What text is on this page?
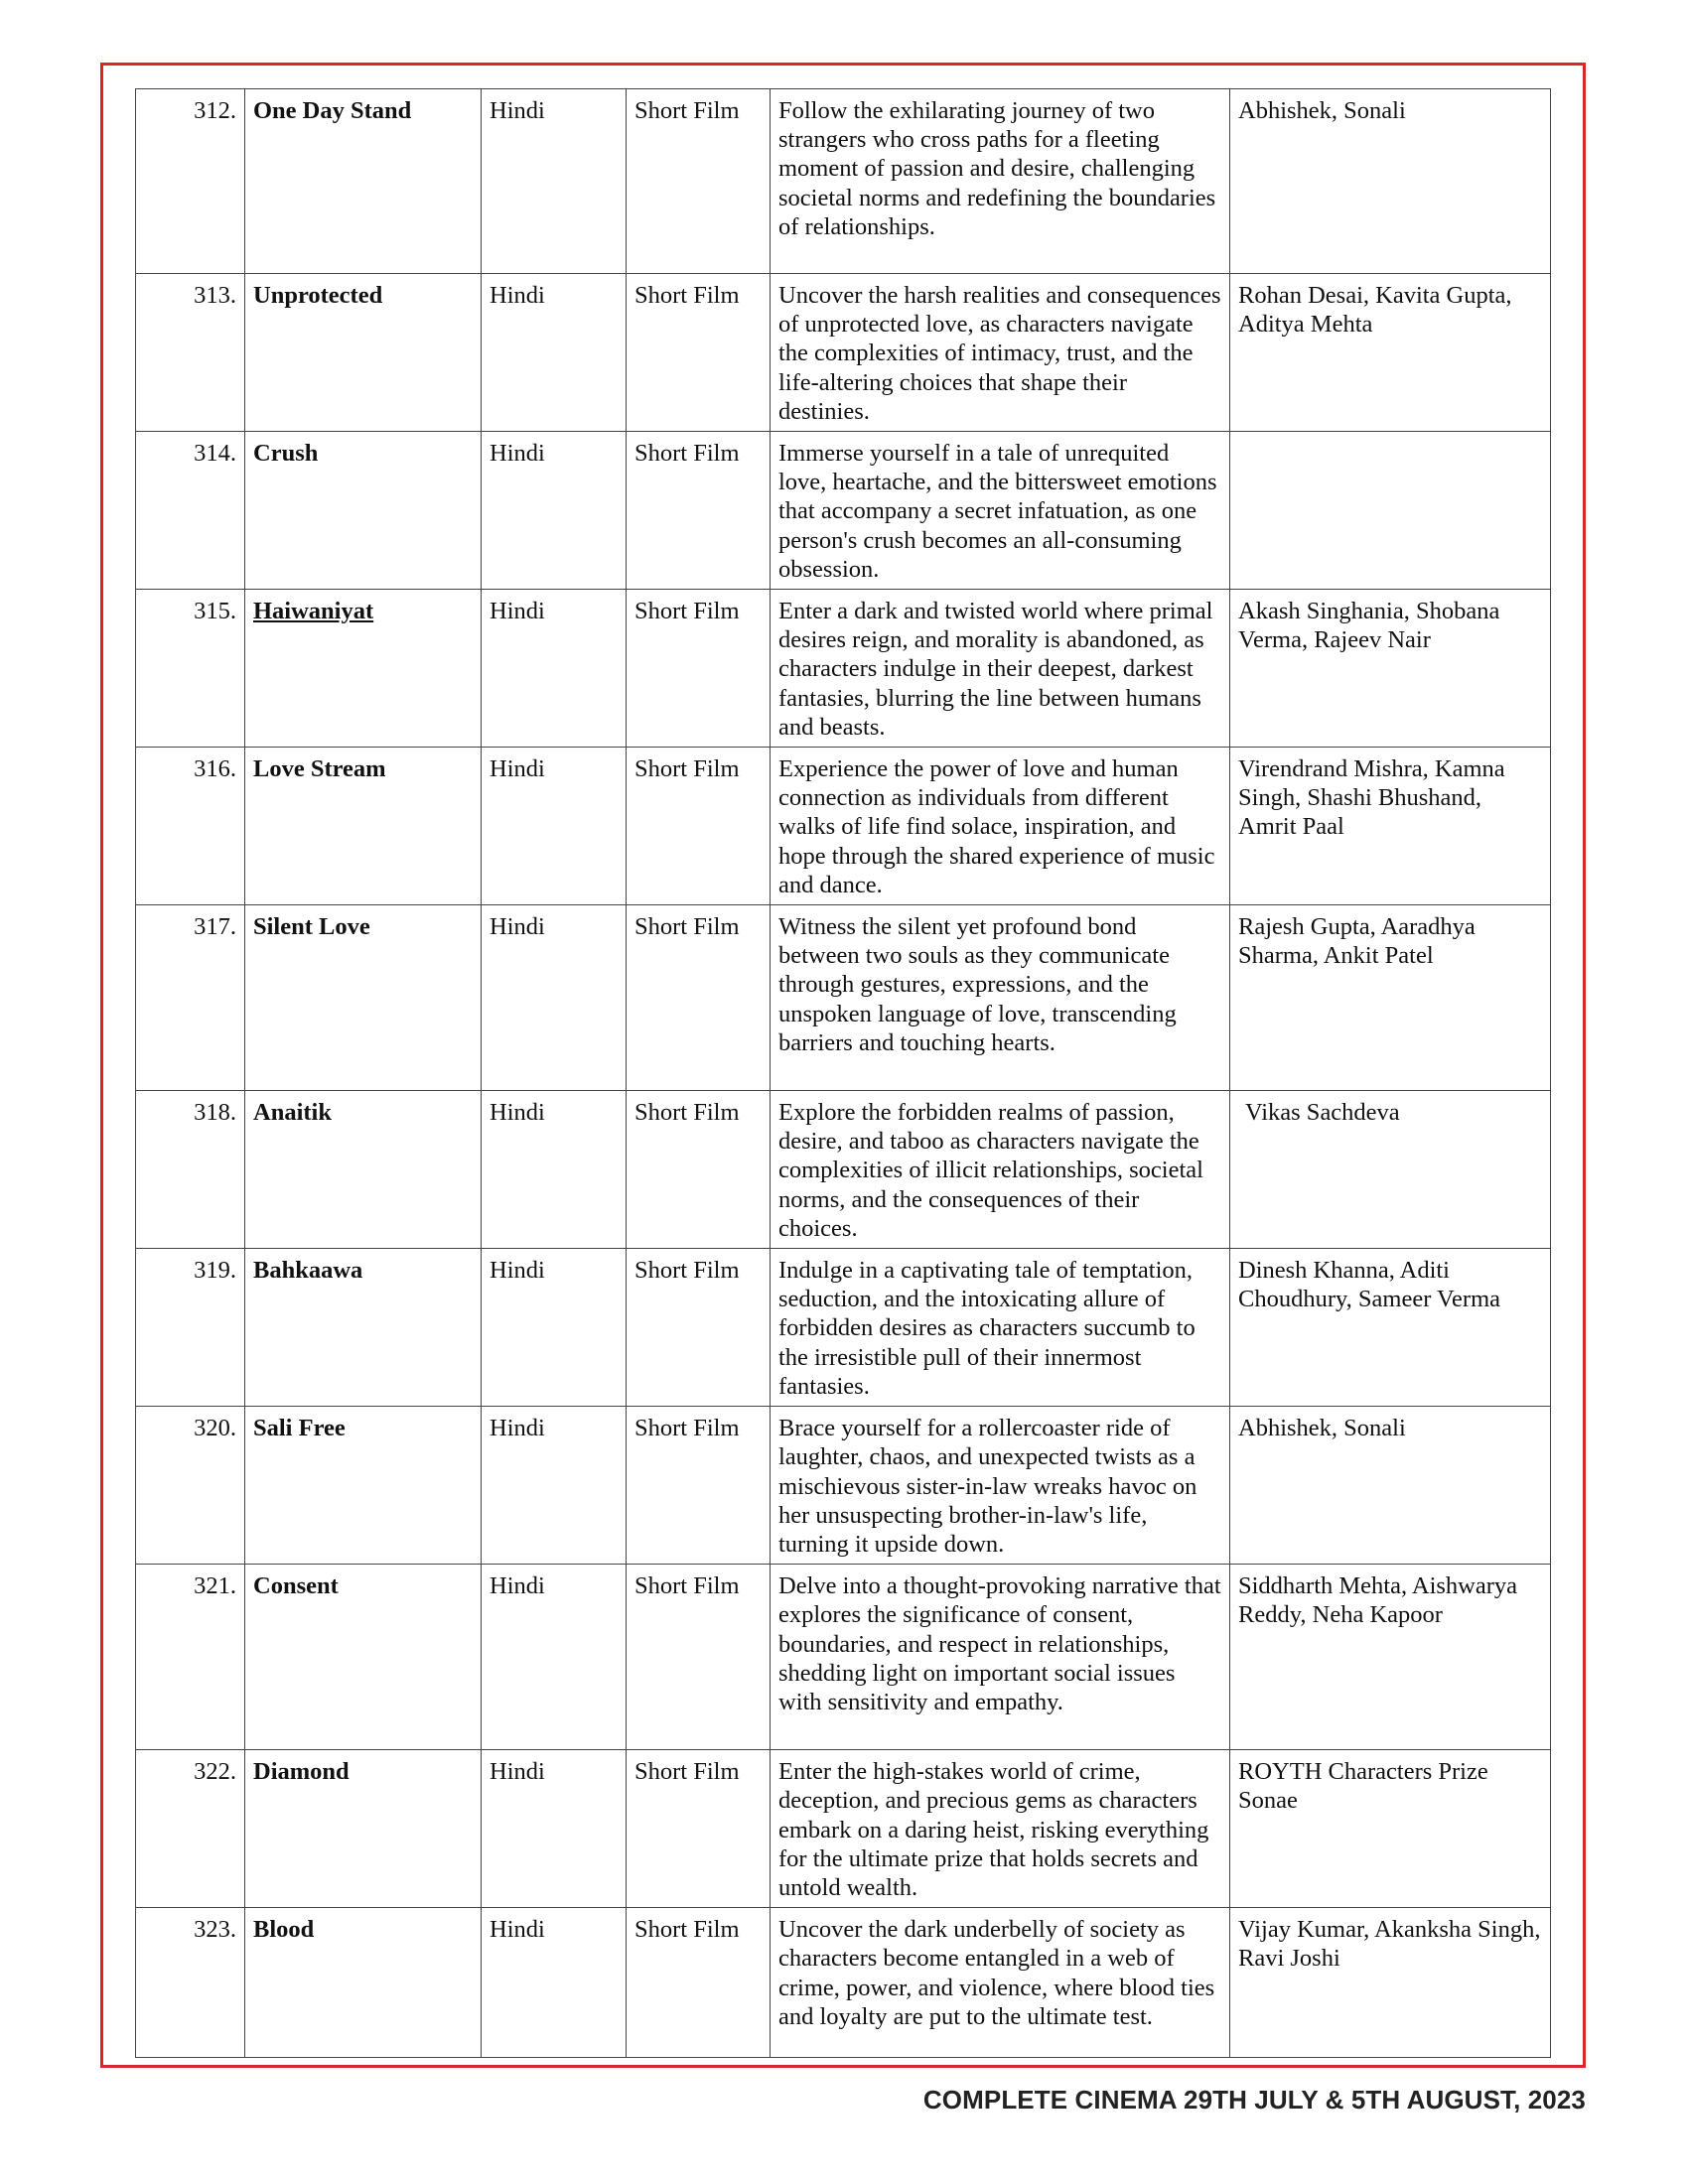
312.	One Day Stand	Hindi	Short Film	Follow the exhilarating journey of two strangers who cross paths for a fleeting moment of passion and desire, challenging societal norms and redefining the boundaries of relationships.	Abhishek, Sonali
313.	Unprotected	Hindi	Short Film	Uncover the harsh realities and consequences of unprotected love, as characters navigate the complexities of intimacy, trust, and the life-altering choices that shape their destinies.	Rohan Desai, Kavita Gupta, Aditya Mehta
314.	Crush	Hindi	Short Film	Immerse yourself in a tale of unrequited love, heartache, and the bittersweet emotions that accompany a secret infatuation, as one person's crush becomes an all-consuming obsession.	
315.	Haiwaniyat	Hindi	Short Film	Enter a dark and twisted world where primal desires reign, and morality is abandoned, as characters indulge in their deepest, darkest fantasies, blurring the line between humans and beasts.	Akash Singhania, Shobana Verma, Rajeev Nair
316.	Love Stream	Hindi	Short Film	Experience the power of love and human connection as individuals from different walks of life find solace, inspiration, and hope through the shared experience of music and dance.	Virendrand Mishra, Kamna Singh, Shashi Bhushand, Amrit Paal
317.	Silent Love	Hindi	Short Film	Witness the silent yet profound bond between two souls as they communicate through gestures, expressions, and the unspoken language of love, transcending barriers and touching hearts.	Rajesh Gupta, Aaradhya Sharma, Ankit Patel
318.	Anaitik	Hindi	Short Film	Explore the forbidden realms of passion, desire, and taboo as characters navigate the complexities of illicit relationships, societal norms, and the consequences of their choices.	Vikas Sachdeva
319.	Bahkaawa	Hindi	Short Film	Indulge in a captivating tale of temptation, seduction, and the intoxicating allure of forbidden desires as characters succumb to the irresistible pull of their innermost fantasies.	Dinesh Khanna, Aditi Choudhury, Sameer Verma
320.	Sali Free	Hindi	Short Film	Brace yourself for a rollercoaster ride of laughter, chaos, and unexpected twists as a mischievous sister-in-law wreaks havoc on her unsuspecting brother-in-law's life, turning it upside down.	Abhishek, Sonali
321.	Consent	Hindi	Short Film	Delve into a thought-provoking narrative that explores the significance of consent, boundaries, and respect in relationships, shedding light on important social issues with sensitivity and empathy.	Siddharth Mehta, Aishwarya Reddy, Neha Kapoor
322.	Diamond	Hindi	Short Film	Enter the high-stakes world of crime, deception, and precious gems as characters embark on a daring heist, risking everything for the ultimate prize that holds secrets and untold wealth.	ROYTH Characters Prize Sonae
323.	Blood	Hindi	Short Film	Uncover the dark underbelly of society as characters become entangled in a web of crime, power, and violence, where blood ties and loyalty are put to the ultimate test.	Vijay Kumar, Akanksha Singh, Ravi Joshi
COMPLETE CINEMA 29TH JULY & 5TH AUGUST, 2023
